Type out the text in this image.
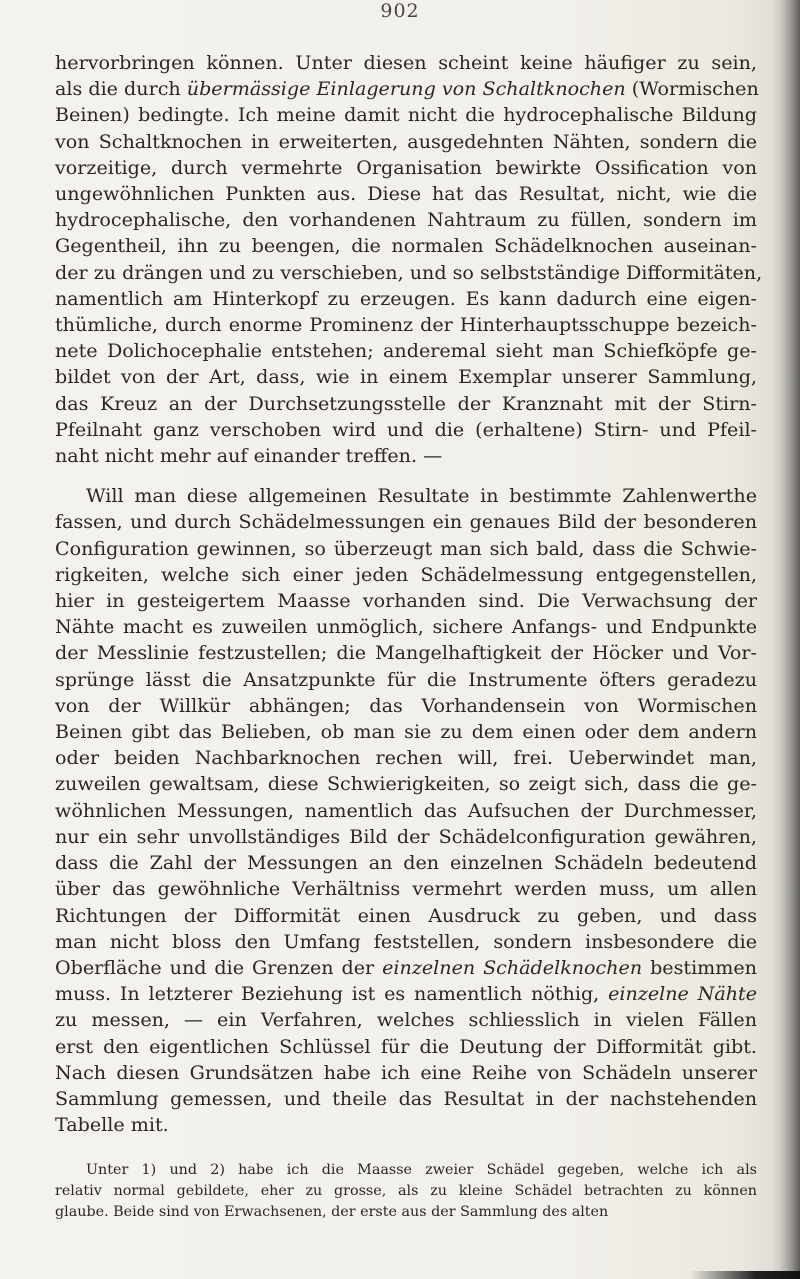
902
hervorbringen können. Unter diesen scheint keine häufiger zu sein,
als die durch übermässige Einlagerung von Schaltknochen (Wormischen
Beinen) bedingte. Ich meine damit nicht die hydrocephalische Bildung
von Schaltknochen in erweiterten, ausgedehnten Nähten, sondern die
vorzeitige, durch vermehrte Organisation bewirkte Ossification von
ungewöhnlichen Punkten aus. Diese hat das Resultat, nicht, wie die
hydrocephalische, den vorhandenen Nahtraum zu füllen, sondern im
Gegentheil, ihn zu beengen, die normalen Schädelknochen auseinan-
der zu drängen und zu verschieben, und so selbstständige Difformitäten,
namentlich am Hinterkopf zu erzeugen. Es kann dadurch eine eigen-
thümliche, durch enorme Prominenz der Hinterhauptsschuppe bezeich-
nete Dolichocephalie entstehen; anderemal sieht man Schiefköpfe ge-
bildet von der Art, dass, wie in einem Exemplar unserer Sammlung,
das Kreuz an der Durchsetzungsstelle der Kranznaht mit der Stirn-
Pfeilnaht ganz verschoben wird und die (erhaltene) Stirn- und Pfeil-
naht nicht mehr auf einander treffen. —
Will man diese allgemeinen Resultate in bestimmte Zahlenwerthe
fassen, und durch Schädelmessungen ein genaues Bild der besonderen
Configuration gewinnen, so überzeugt man sich bald, dass die Schwie-
rigkeiten, welche sich einer jeden Schädelmessung entgegenstellen,
hier in gesteigertem Maasse vorhanden sind. Die Verwachsung der
Nähte macht es zuweilen unmöglich, sichere Anfangs- und Endpunkte
der Messlinie festzustellen; die Mangelhaftigkeit der Höcker und Vor-
sprünge lässt die Ansatzpunkte für die Instrumente öfters geradezu
von der Willkür abhängen; das Vorhandensein von Wormischen
Beinen gibt das Belieben, ob man sie zu dem einen oder dem andern
oder beiden Nachbarknochen rechen will, frei. Ueberwindet man,
zuweilen gewaltsam, diese Schwierigkeiten, so zeigt sich, dass die ge-
wöhnlichen Messungen, namentlich das Aufsuchen der Durchmesser,
nur ein sehr unvollständiges Bild der Schädelconfiguration gewähren,
dass die Zahl der Messungen an den einzelnen Schädeln bedeutend
über das gewöhnliche Verhältniss vermehrt werden muss, um allen
Richtungen der Difformität einen Ausdruck zu geben, und dass
man nicht bloss den Umfang feststellen, sondern insbesondere die
Oberfläche und die Grenzen der einzelnen Schädelknochen bestimmen
muss. In letzterer Beziehung ist es namentlich nöthig, einzelne Nähte
zu messen, — ein Verfahren, welches schliesslich in vielen Fällen
erst den eigentlichen Schlüssel für die Deutung der Difformität gibt.
Nach diesen Grundsätzen habe ich eine Reihe von Schädeln unserer
Sammlung gemessen, und theile das Resultat in der nachstehenden
Tabelle mit.
Unter 1) und 2) habe ich die Maasse zweier Schädel gegeben, welche ich als
relativ normal gebildete, eher zu grosse, als zu kleine Schädel betrachten zu können
glaube. Beide sind von Erwachsenen, der erste aus der Sammlung des alten
